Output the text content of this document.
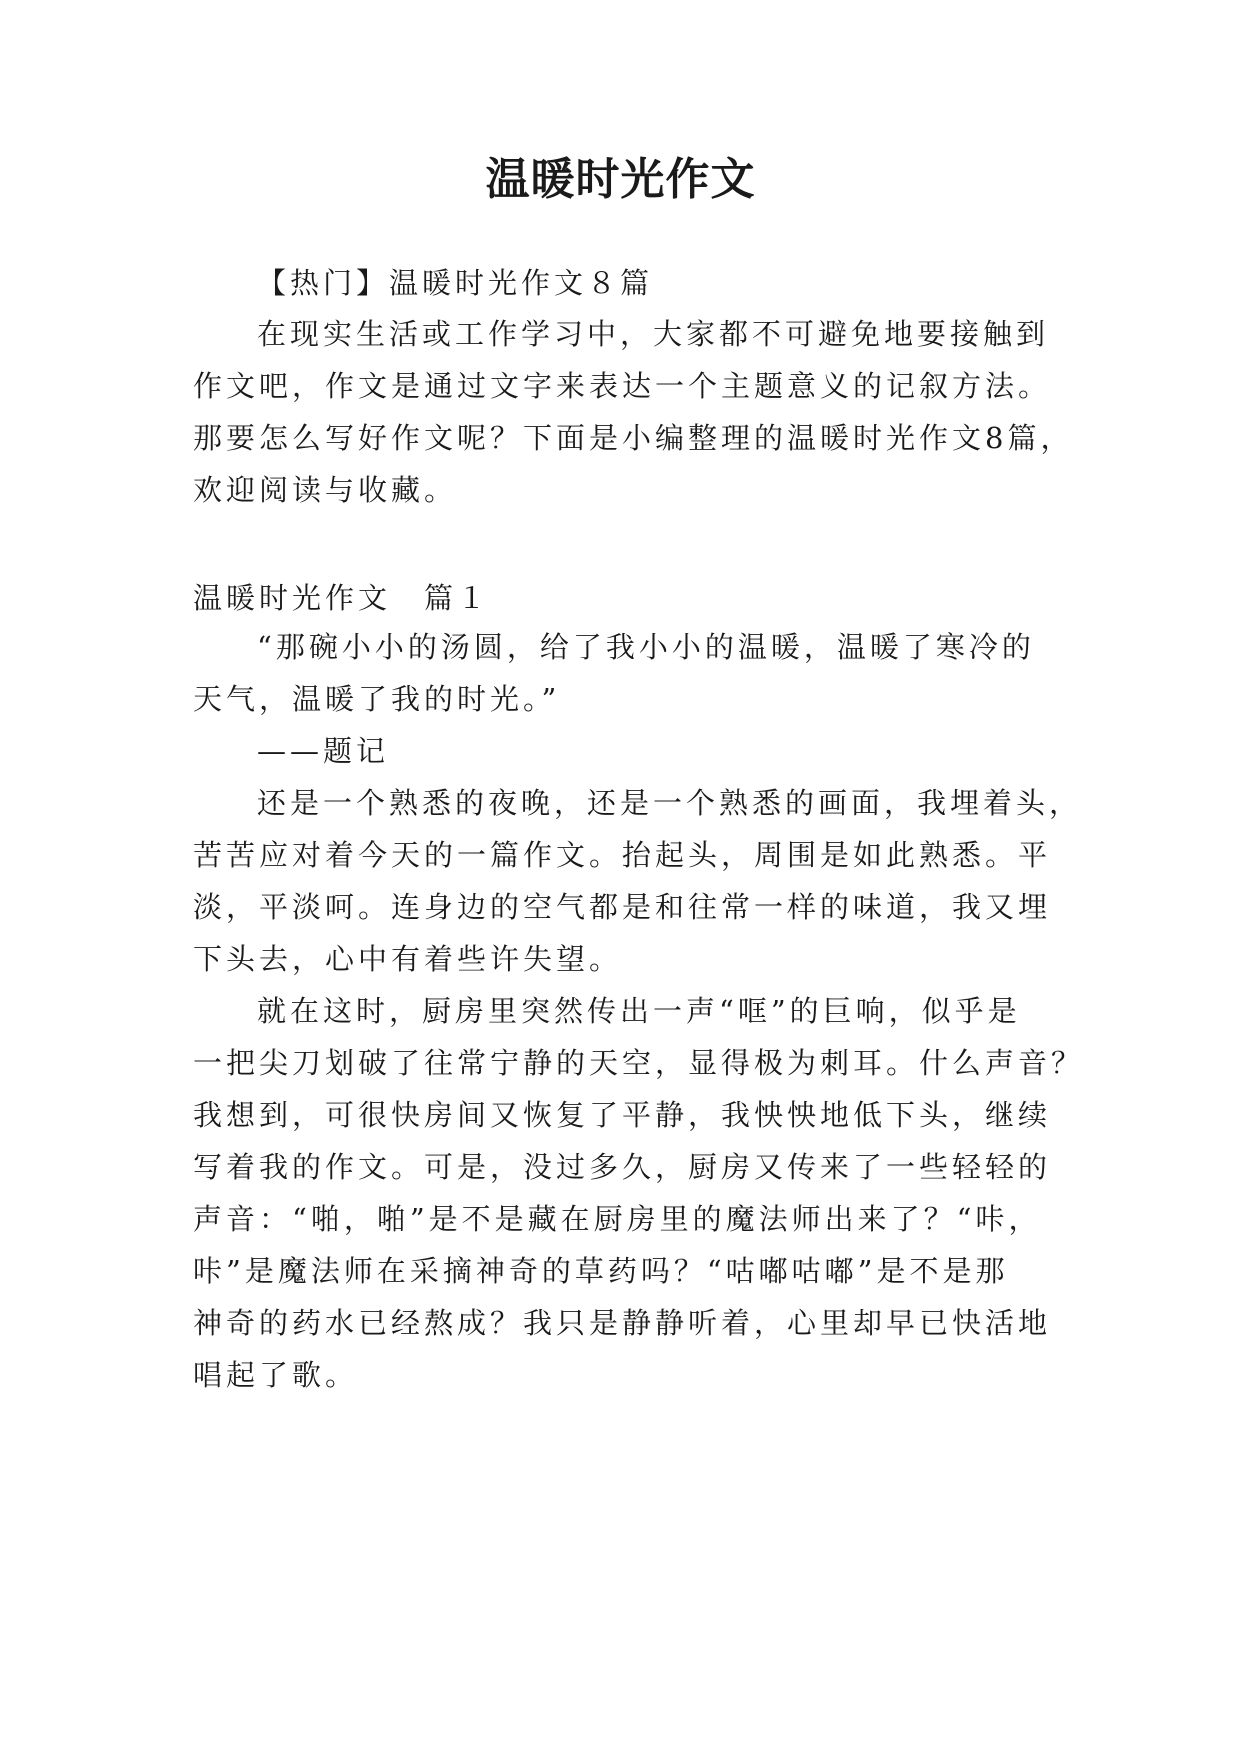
温暖时光作文

【热门】温暖时光作文８篇

在现实生活或工作学习中，大家都不可避免地要接触到

作文吧，作文是通过文字来表达一个主题意义的记叙方法。

那要怎么写好作文呢？下面是小编整理的温暖时光作文8篇，

欢迎阅读与收藏。

温暖时光作文　篇１

“那碗小小的汤圆，给了我小小的温暖，温暖了寒冷的

天气，温暖了我的时光。”

——题记

还是一个熟悉的夜晚，还是一个熟悉的画面，我埋着头，

苦苦应对着今天的一篇作文。抬起头，周围是如此熟悉。平

淡，平淡呵。连身边的空气都是和往常一样的味道，我又埋

下头去，心中有着些许失望。

就在这时，厨房里突然传出一声“哐”的巨响，似乎是

一把尖刀划破了往常宁静的天空，显得极为刺耳。什么声音？

我想到，可很快房间又恢复了平静，我怏怏地低下头，继续

写着我的作文。可是，没过多久，厨房又传来了一些轻轻的

声音：“啪，啪”是不是藏在厨房里的魔法师出来了？“咔，

咔”是魔法师在采摘神奇的草药吗？“咕嘟咕嘟”是不是那

神奇的药水已经熬成？我只是静静听着，心里却早已快活地

唱起了歌。
